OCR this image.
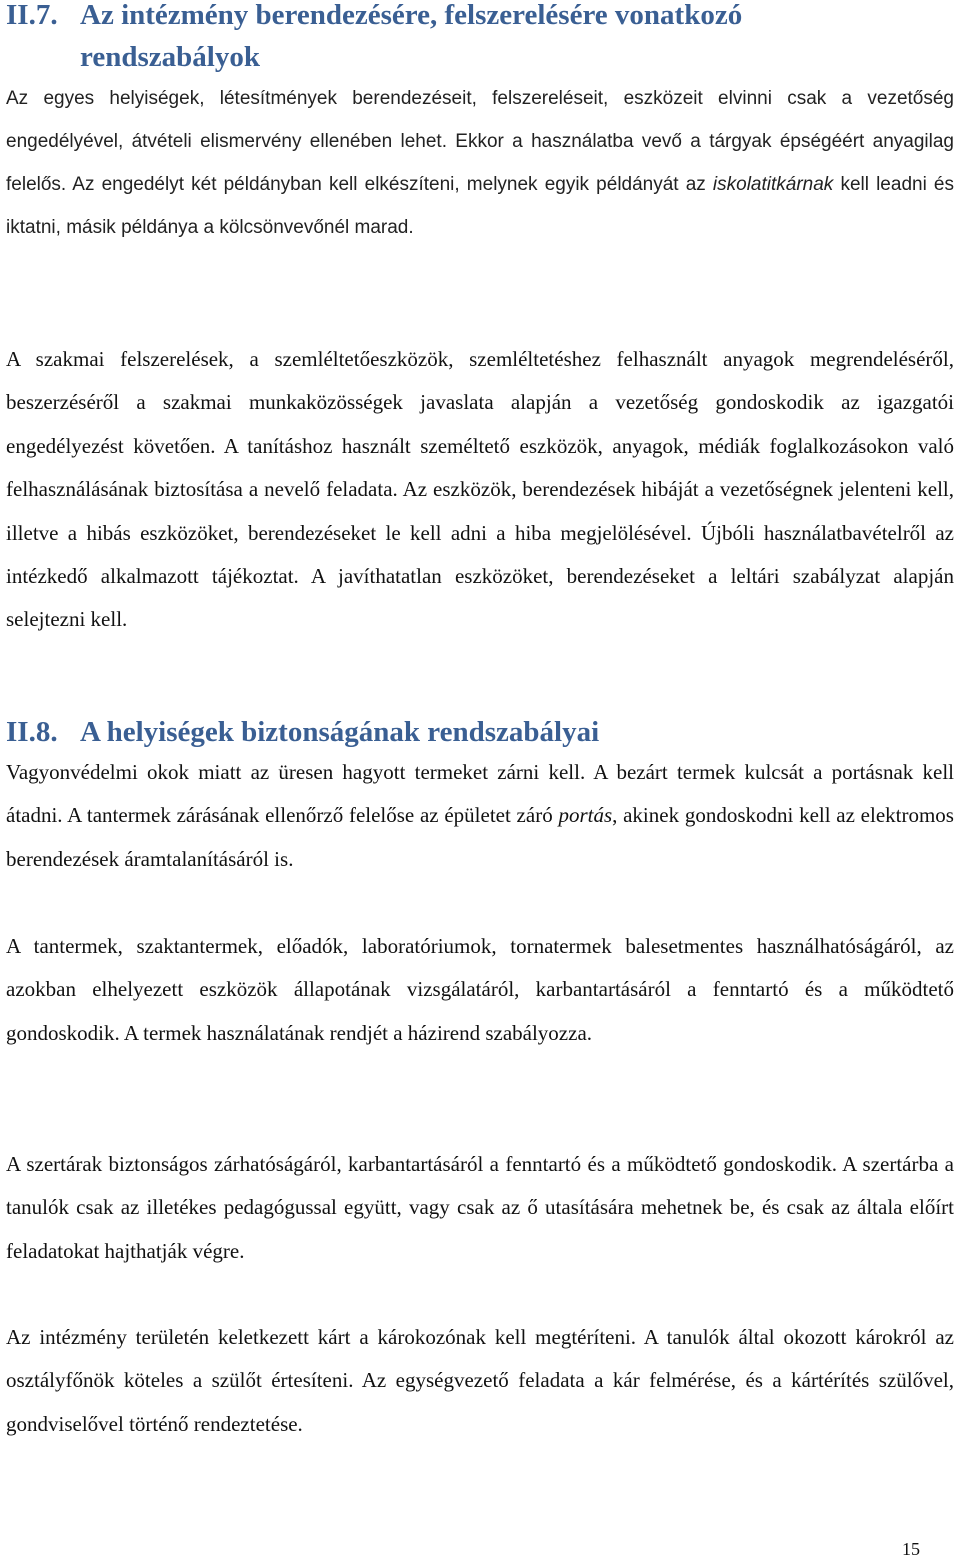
II.7. Az intézmény berendezésére, felszerelésére vonatkozó
rendszabályok

Az egyes helyiségek, létesítmények berendezéseit, felszereléseit, eszközeit elvinni csak a vezetőség engedélyével, átvételi elismervény ellenében lehet. Ekkor a használatba vevő a tárgyak épségéért anyagilag felelős. Az engedélyt két példányban kell elkészíteni, melynek egyik példányát az iskolatitkárnak kell leadni és iktatni, másik példánya a kölcsönvevőnél marad.

A szakmai felszerelések, a szemléltetőeszközök, szemléltetéshez felhasznált anyagok megrendeléséről, beszerzéséről a szakmai munkaközösségek javaslata alapján a vezetőség gondoskodik az igazgatói engedélyezést követően. A tanításhoz használt személtető eszközök, anyagok, médiák foglalkozásokon való felhasználásának biztosítása a nevelő feladata. Az eszközök, berendezések hibáját a vezetőségnek jelenteni kell, illetve a hibás eszközöket, berendezéseket le kell adni a hiba megjelölésével. Újbóli használatbavételről az intézkedő alkalmazott tájékoztat. A javíthatatlan eszközöket, berendezéseket a leltári szabályzat alapján selejtezni kell.

II.8. A helyiségek biztonságának rendszabályai

Vagyonvédelmi okok miatt az üresen hagyott termeket zárni kell. A bezárt termek kulcsát a portásnak kell átadni. A tantermek zárásának ellenőrző felelőse az épületet záró portás, akinek gondoskodni kell az elektromos berendezések áramtalanításáról is.

A tantermek, szaktantermek, előadók, laboratóriumok, tornatermek balesetmentes használhatóságáról, az azokban elhelyezett eszközök állapotának vizsgálatáról, karbantartásáról a fenntartó és a működtető gondoskodik. A termek használatának rendjét a házirend szabályozza.

A szertárak biztonságos zárhatóságáról, karbantartásáról a fenntartó és a működtető gondoskodik. A szertárba a tanulók csak az illetékes pedagógussal együtt, vagy csak az ő utasítására mehetnek be, és csak az általa előírt feladatokat hajthatják végre.

Az intézmény területén keletkezett kárt a károkozónak kell megtéríteni. A tanulók által okozott károkról az osztályfőnök köteles a szülőt értesíteni. Az egységvezető feladata a kár felmérése, és a kártérítés szülővel, gondviselővel történő rendeztetése.

15
